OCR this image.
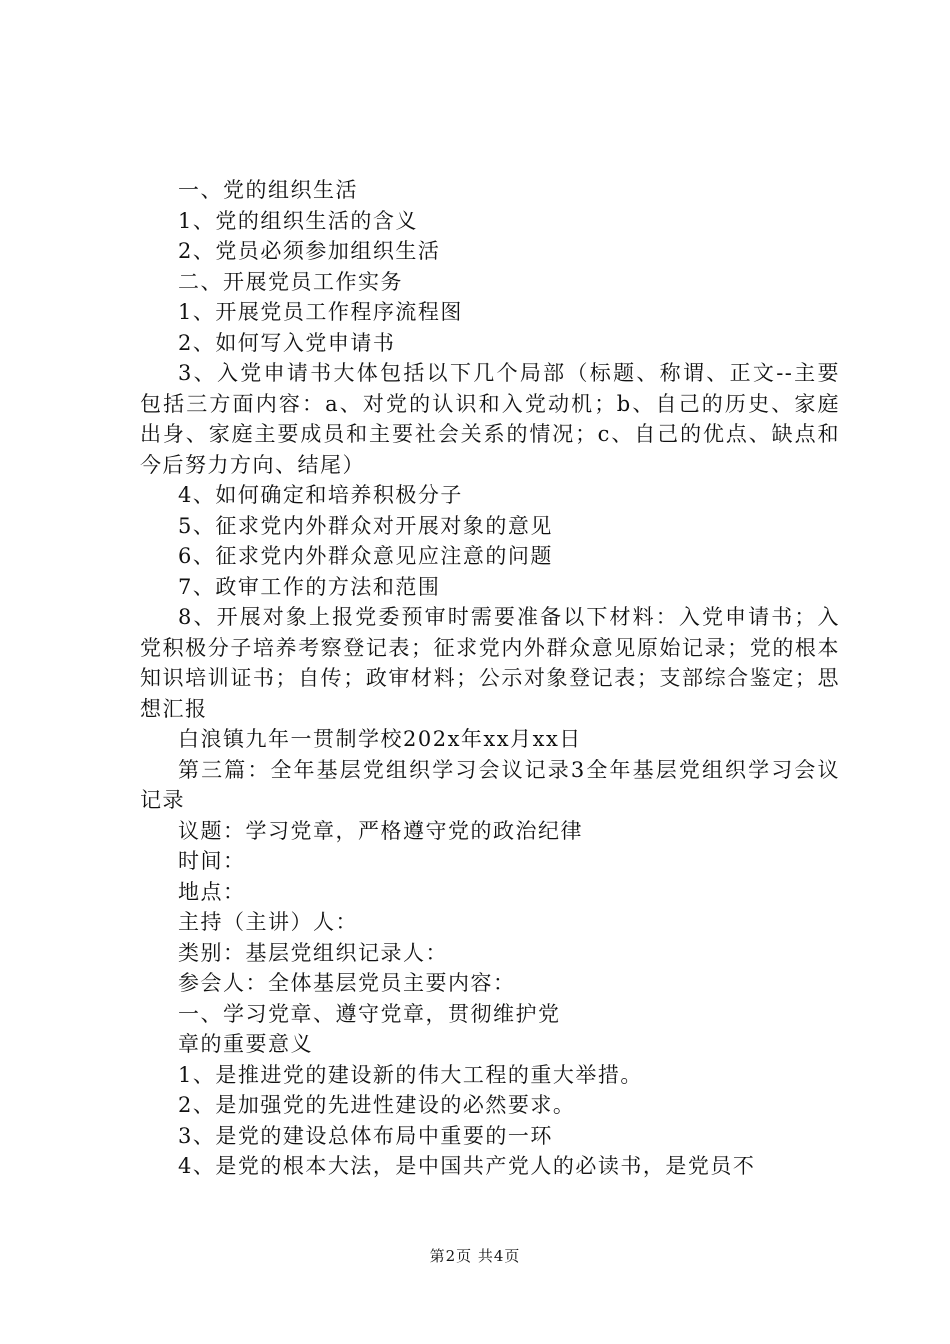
一、党的组织生活
1、党的组织生活的含义
2、党员必须参加组织生活
二、开展党员工作实务
1、开展党员工作程序流程图
2、如何写入党申请书
3、入党申请书大体包括以下几个局部（标题、称谓、正文--主要包括三方面内容：a、对党的认识和入党动机；b、自己的历史、家庭出身、家庭主要成员和主要社会关系的情况；c、自己的优点、缺点和今后努力方向、结尾）
4、如何确定和培养积极分子
5、征求党内外群众对开展对象的意见
6、征求党内外群众意见应注意的问题
7、政审工作的方法和范围
8、开展对象上报党委预审时需要准备以下材料：入党申请书；入党积极分子培养考察登记表；征求党内外群众意见原始记录；党的根本知识培训证书；自传；政审材料；公示对象登记表；支部综合鉴定；思想汇报
白浪镇九年一贯制学校202x年xx月xx日
第三篇：全年基层党组织学习会议记录3全年基层党组织学习会议记录
议题：学习党章，严格遵守党的政治纪律
时间：
地点：
主持（主讲）人：
类别：基层党组织记录人：
参会人：全体基层党员主要内容：
一、学习党章、遵守党章，贯彻维护党
章的重要意义
1、是推进党的建设新的伟大工程的重大举措。
2、是加强党的先进性建设的必然要求。
3、是党的建设总体布局中重要的一环
4、是党的根本大法，是中国共产党人的必读书，是党员不
第2页 共4页
